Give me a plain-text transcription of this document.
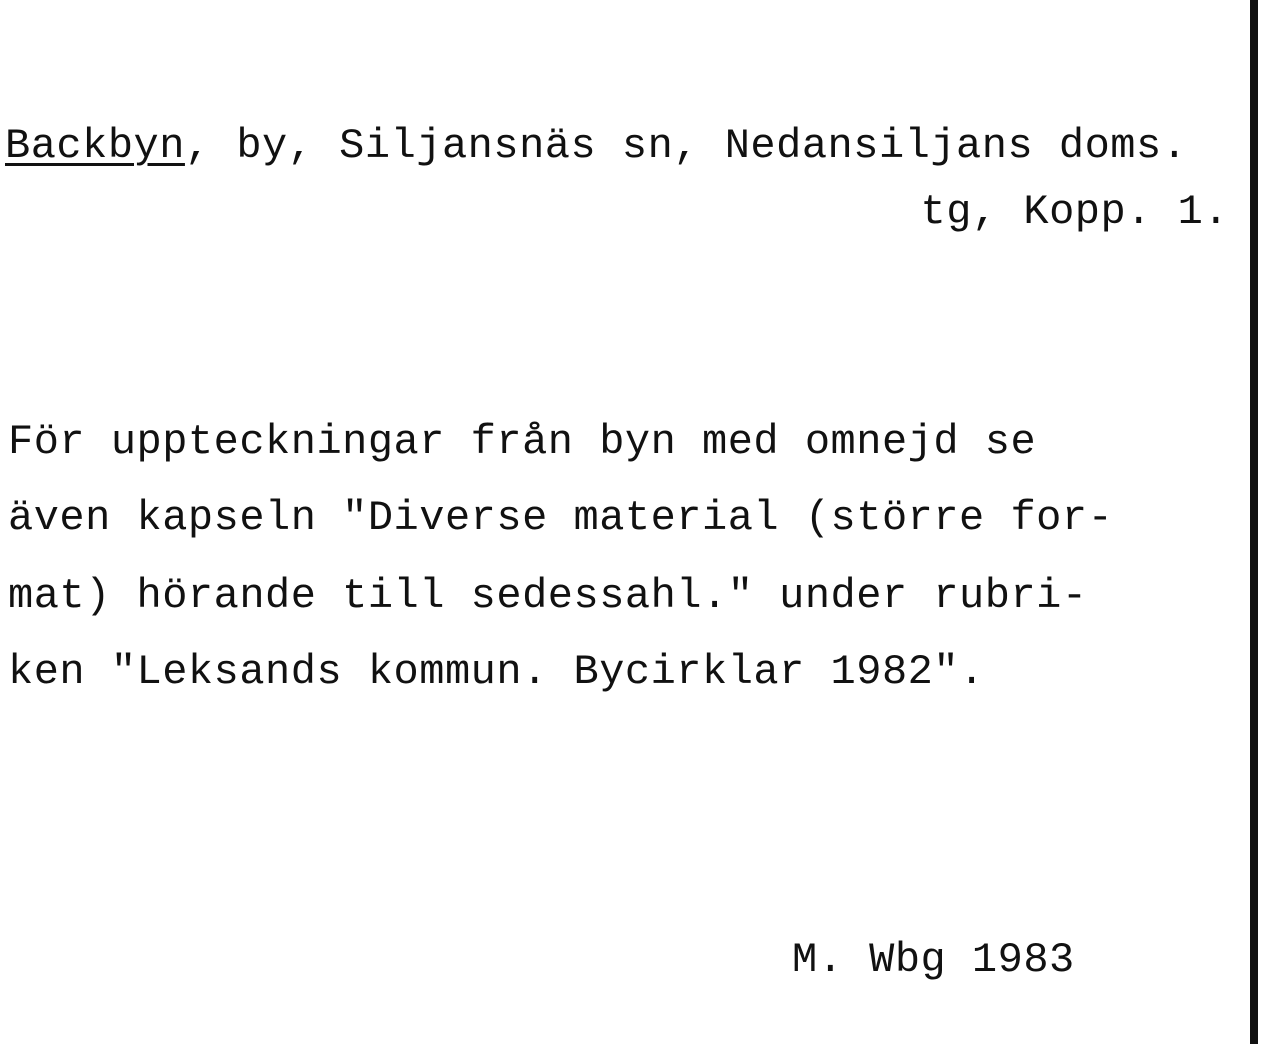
Backbyn, by, Siljansnäs sn, Nedansiljans doms.
tg, Kopp. 1.
För uppteckningar från byn med omnejd se
även kapseln "Diverse material (större for-
mat) hörande till sedessahl." under rubri-
ken "Leksands kommun. Bycirklar 1982".
M. Wbg 1983
